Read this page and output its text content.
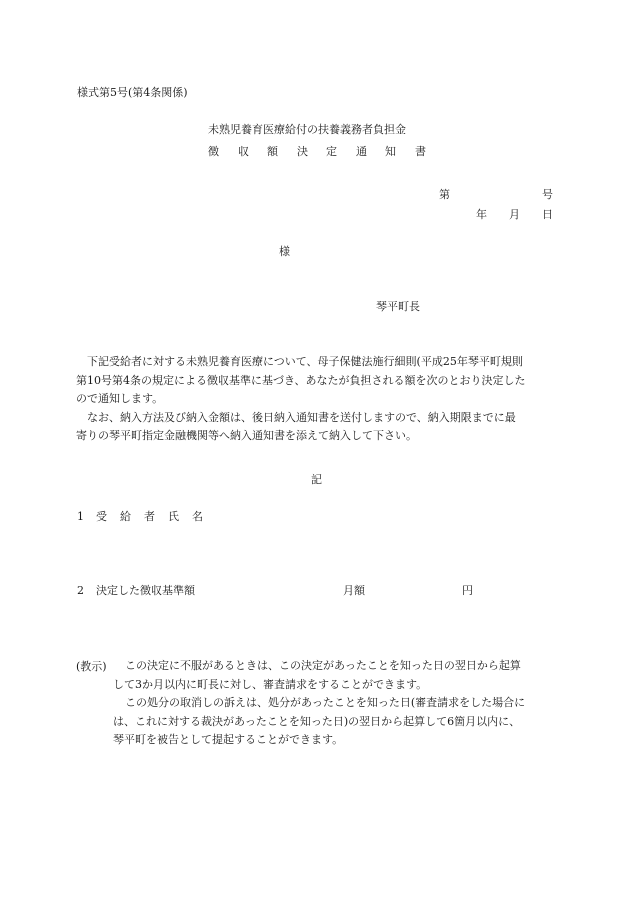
様式第5号(第4条関係)
未熟児養育医療給付の扶養義務者負担金
徴 収 額 決 定 通 知 書
第	号
年 月 日
様
琴平町長
下記受給者に対する未熟児養育医療について、母子保健法施行細則(平成25年琴平町規則
第10号第4条の規定による徴収基準に基づき、あなたが負担される額を次のとおり決定した
ので通知します。
なお、納入方法及び納入金額は、後日納入通知書を送付しますので、納入期限までに最
寄りの琴平町指定金融機関等へ納入通知書を添えて納入して下さい。
記
1 受 給 者 氏 名
2 決定した徴収基準額	月額	円
(教示)	この決定に不服があるときは、この決定があったことを知った日の翌日から起算
して3か月以内に町長に対し、審査請求をすることができます。
この処分の取消しの訴えは、処分があったことを知った日(審査請求をした場合に
は、これに対する裁決があったことを知った日)の翌日から起算して6箇月以内に、
琴平町を被告として提起することができます。
